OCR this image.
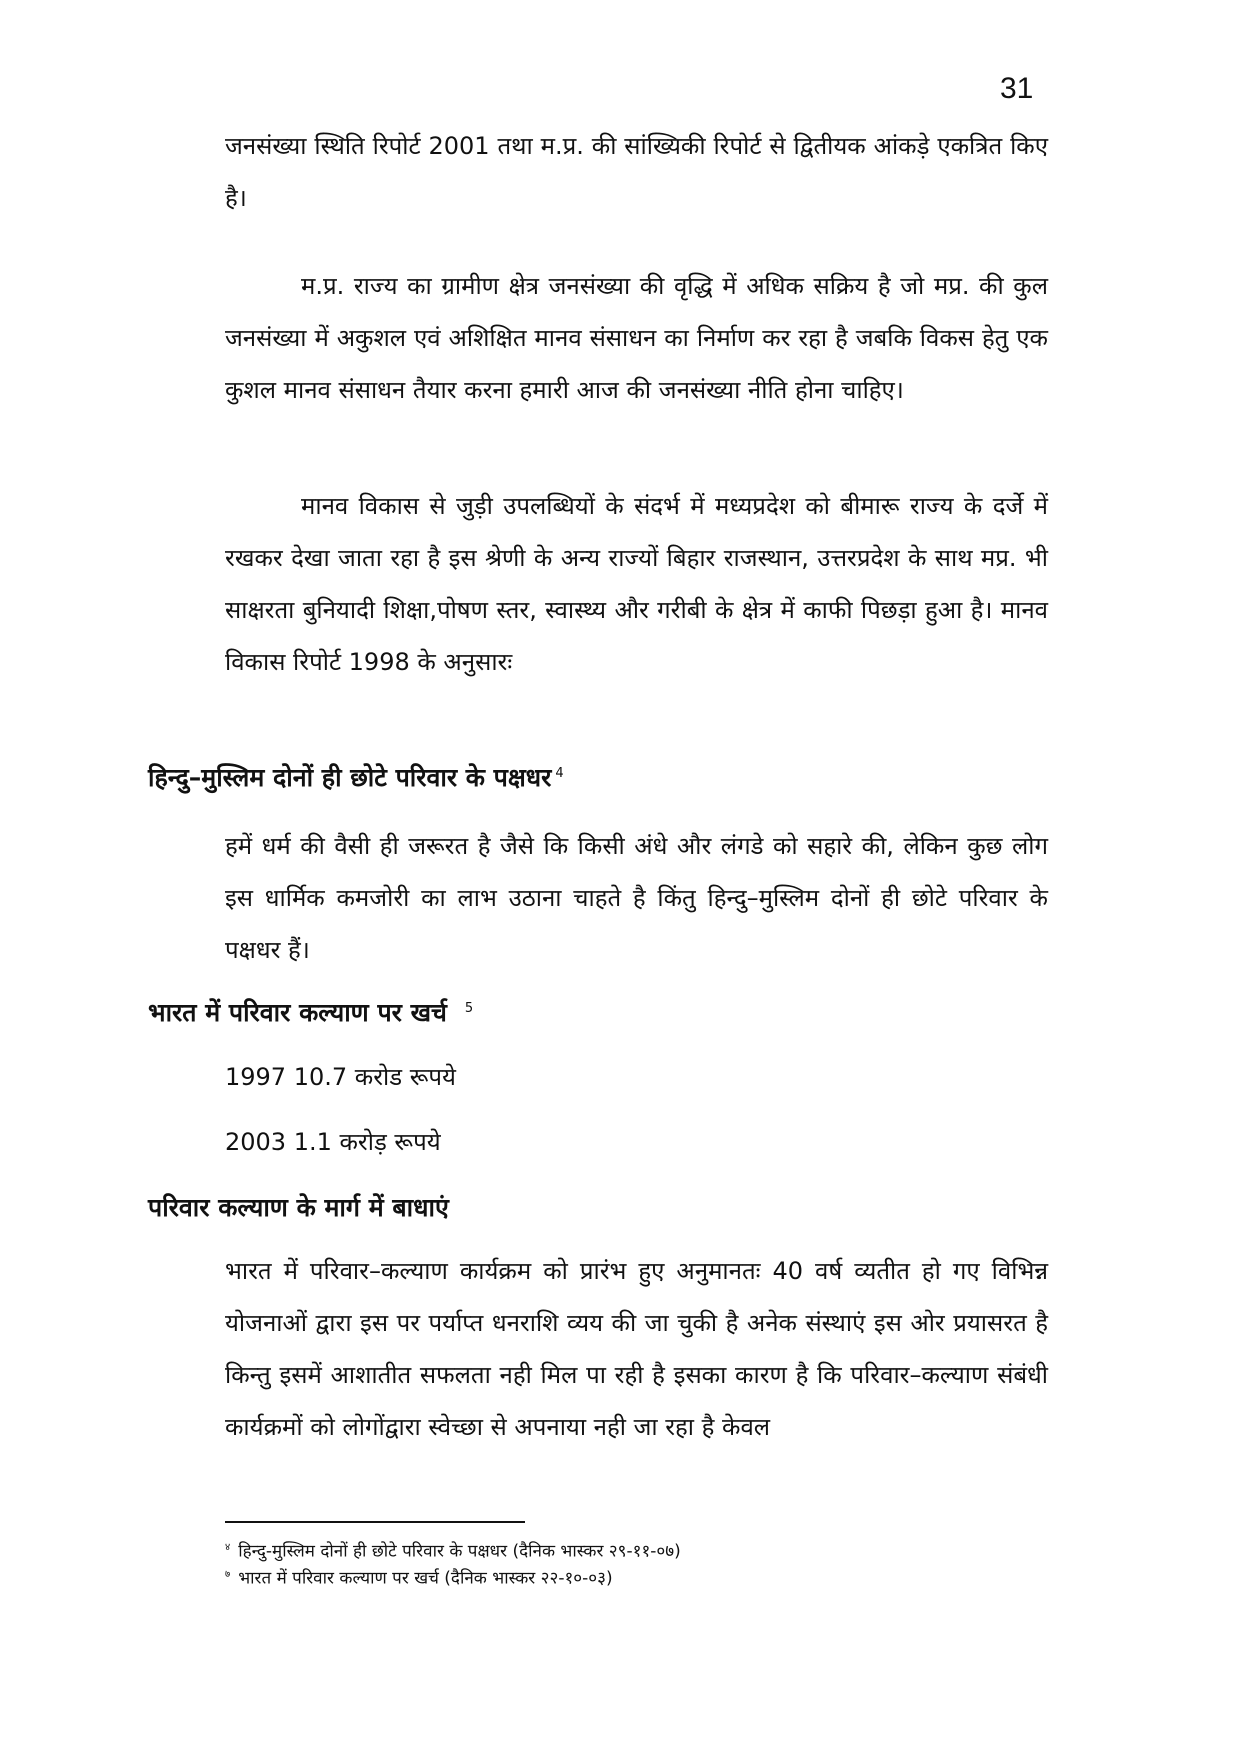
31

जनसंख्या स्थिति रिपोर्ट 2001 तथा म.प्र. की सांख्यिकी रिपोर्ट से द्वितीयक आंकड़े एकत्रित किए है।

म.प्र. राज्य का ग्रामीण क्षेत्र जनसंख्या की वृद्धि में अधिक सक्रिय है जो मप्र. की कुल जनसंख्या में अकुशल एवं अशिक्षित मानव संसाधन का निर्माण कर रहा है जबकि विकस हेतु एक कुशल मानव संसाधन तैयार करना हमारी आज की जनसंख्या नीति होना चाहिए।

मानव विकास से जुड़ी उपलब्धियों के संदर्भ में मध्यप्रदेश को बीमारू राज्य के दर्जे में रखकर देखा जाता रहा है इस श्रेणी के अन्य राज्यों बिहार राजस्थान, उत्तरप्रदेश के साथ मप्र. भी साक्षरता बुनियादी शिक्षा,पोषण स्तर, स्वास्थ्य और गरीबी के क्षेत्र में काफी पिछड़ा हुआ है। मानव विकास रिपोर्ट 1998 के अनुसारः

हिन्दु–मुस्लिम दोनों ही छोटे परिवार के पक्षधर $^4$

हमें धर्म की वैसी ही जरूरत है जैसे कि किसी अंधे और लंगडे को सहारे की, लेकिन कुछ लोग इस धार्मिक कमजोरी का लाभ उठाना चाहते है किंतु हिन्दु–मुस्लिम दोनों ही छोटे परिवार के पक्षधर हैं।

भारत में परिवार कल्याण पर खर्च $^5$
1997 10.7 करोड रूपये
2003 1.1 करोड़ रूपये
परिवार कल्याण के मार्ग में बाधाएं

भारत में परिवार–कल्याण कार्यक्रम को प्रारंभ हुए अनुमानतः 40 वर्ष व्यतीत हो गए विभिन्न योजनाओं द्वारा इस पर पर्याप्त धनराशि व्यय की जा चुकी है अनेक संस्थाएं इस ओर प्रयासरत है किन्तु इसमें आशातीत सफलता नही मिल पा रही है इसका कारण है कि परिवार–कल्याण संबंधी कार्यक्रमों को लोगोंद्वारा स्वेच्छा से अपनाया नही जा रहा है केवल

$^४$ हिन्दु-मुस्लिम दोनों ही छोटे परिवार के पक्षधर (दैनिक भास्कर २९-११-०७)
$^७$ भारत में परिवार कल्याण पर खर्च (दैनिक भास्कर २२-१०-०३)
